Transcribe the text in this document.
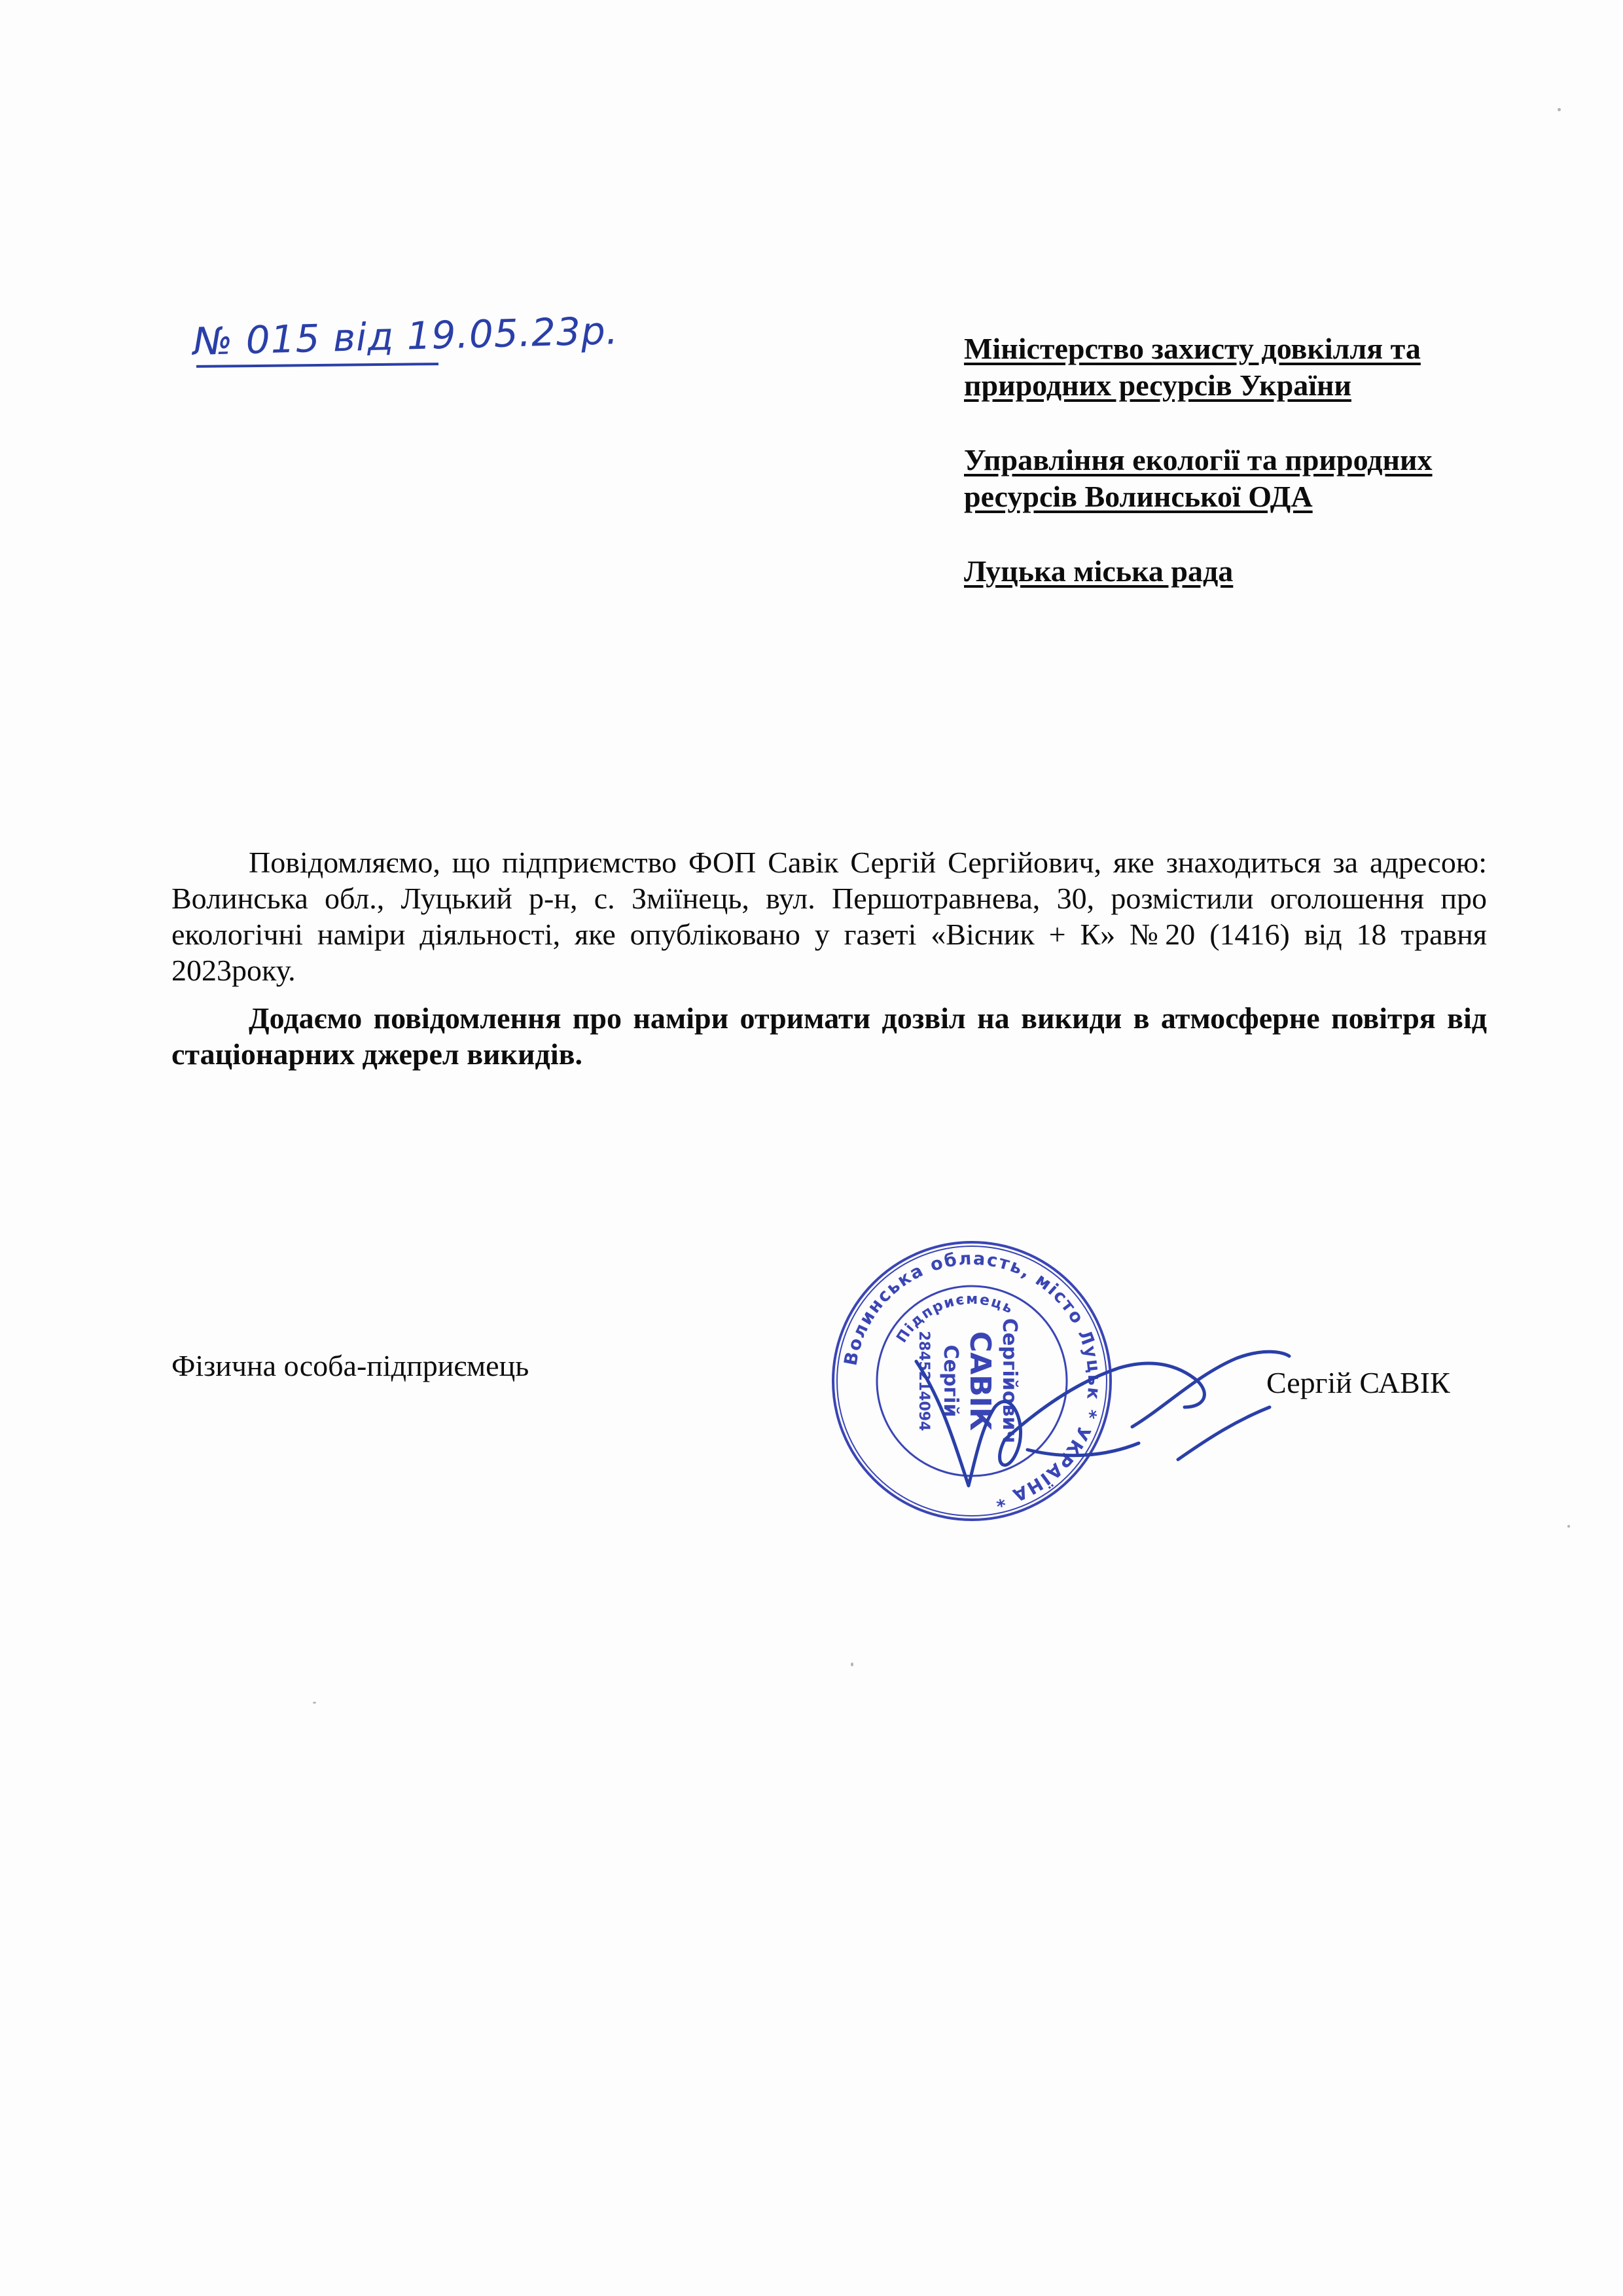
№ 015 від 19.05.23р.	Міністерство захисту довкілля та
природних ресурсів України

Управління екології та природних
ресурсів Волинської ОДА

Луцька міська рада

Повідомляємо, що підприємство ФОП Савік Сергій Сергійович, яке знаходиться за адресою: Волинська обл., Луцький р-н, с. Зміїнець, вул. Першотравнева, 30, розмістили оголошення про екологічні наміри діяльності, яке опубліковано у газеті «Вісник + К» №20 (1416) від 18 травня 2023року.

Додаємо повідомлення про наміри отримати дозвіл на викиди в атмосферне повітря від стаціонарних джерел викидів.

Фізична особа-підприємець
Сергій САВІК
Волинська область, місто Луцьк * УКРАЇНА *
Підприємець
Сергійович
САВІК
Сергій
2845214094
